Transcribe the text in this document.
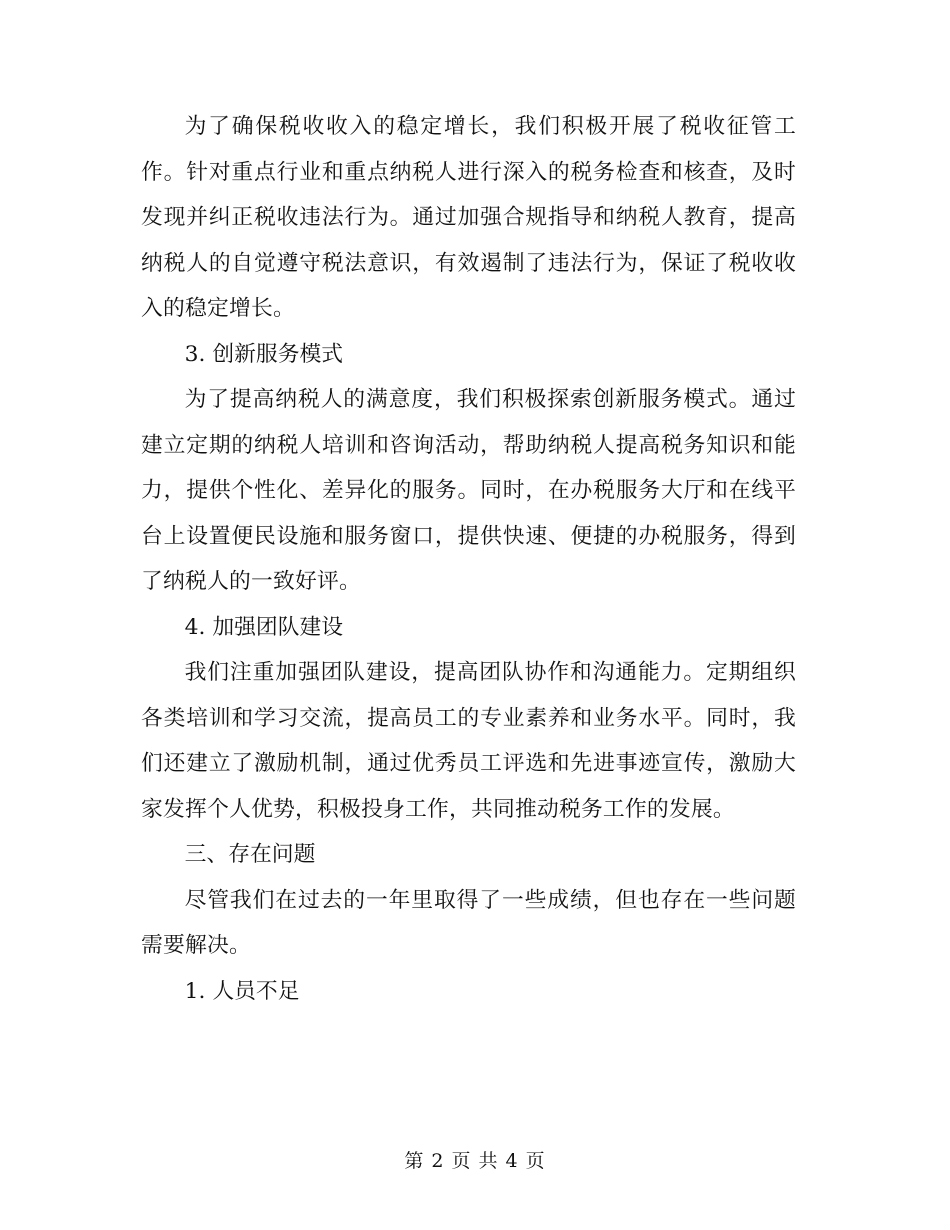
为了确保税收收入的稳定增长，我们积极开展了税收征管工作。针对重点行业和重点纳税人进行深入的税务检查和核查，及时发现并纠正税收违法行为。通过加强合规指导和纳税人教育，提高纳税人的自觉遵守税法意识，有效遏制了违法行为，保证了税收收入的稳定增长。

3. 创新服务模式

为了提高纳税人的满意度，我们积极探索创新服务模式。通过建立定期的纳税人培训和咨询活动，帮助纳税人提高税务知识和能力，提供个性化、差异化的服务。同时，在办税服务大厅和在线平台上设置便民设施和服务窗口，提供快速、便捷的办税服务，得到了纳税人的一致好评。

4. 加强团队建设

我们注重加强团队建设，提高团队协作和沟通能力。定期组织各类培训和学习交流，提高员工的专业素养和业务水平。同时，我们还建立了激励机制，通过优秀员工评选和先进事迹宣传，激励大家发挥个人优势，积极投身工作，共同推动税务工作的发展。

三、存在问题

尽管我们在过去的一年里取得了一些成绩，但也存在一些问题需要解决。

1. 人员不足

第 2 页 共 4 页
